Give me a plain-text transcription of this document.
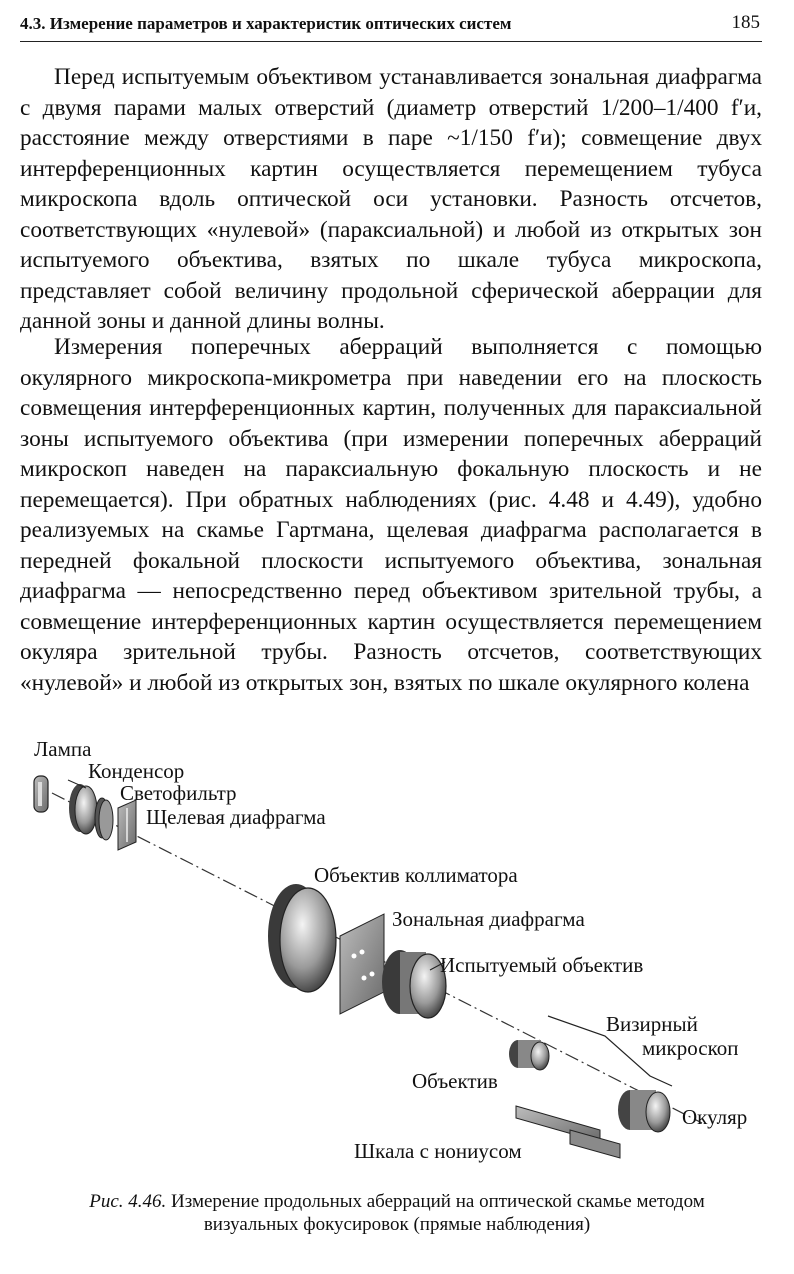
4.3. Измерение параметров и характеристик оптических систем	185

Перед испытуемым объективом устанавливается зональная диафрагма с двумя парами малых отверстий (диаметр отверстий 1/200–1/400 f′и, расстояние между отверстиями в паре ~1/150 f′и); совмещение двух интерференционных картин осуществляется перемещением тубуса микроскопа вдоль оптической оси установки. Разность отсчетов, соответствующих «нулевой» (параксиальной) и любой из открытых зон испытуемого объектива, взятых по шкале тубуса микроскопа, представляет собой величину продольной сферической аберрации для данной зоны и данной длины волны.

Измерения поперечных аберраций выполняется с помощью окулярного микроскопа-микрометра при наведении его на плоскость совмещения интерференционных картин, полученных для параксиальной зоны испытуемого объектива (при измерении поперечных аберраций микроскоп наведен на параксиальную фокальную плоскость и не перемещается). При обратных наблюдениях (рис. 4.48 и 4.49), удобно реализуемых на скамье Гартмана, щелевая диафрагма располагается в передней фокальной плоскости испытуемого объектива, зональная диафрагма — непосредственно перед объективом зрительной трубы, а совмещение интерференционных картин осуществляется перемещением окуляра зрительной трубы. Разность отсчетов, соответствующих «нулевой» и любой из открытых зон, взятых по шкале окулярного колена

Лампа
Конденсор
Светофильтр
Щелевая диафрагма
Объектив коллиматора
Зональная диафрагма
Испытуемый объектив
Визирный
микроскоп
Объектив
Окуляр
Шкала с нониусом

Рис. 4.46. Измерение продольных аберраций на оптической скамье методом визуальных фокусировок (прямые наблюдения)
